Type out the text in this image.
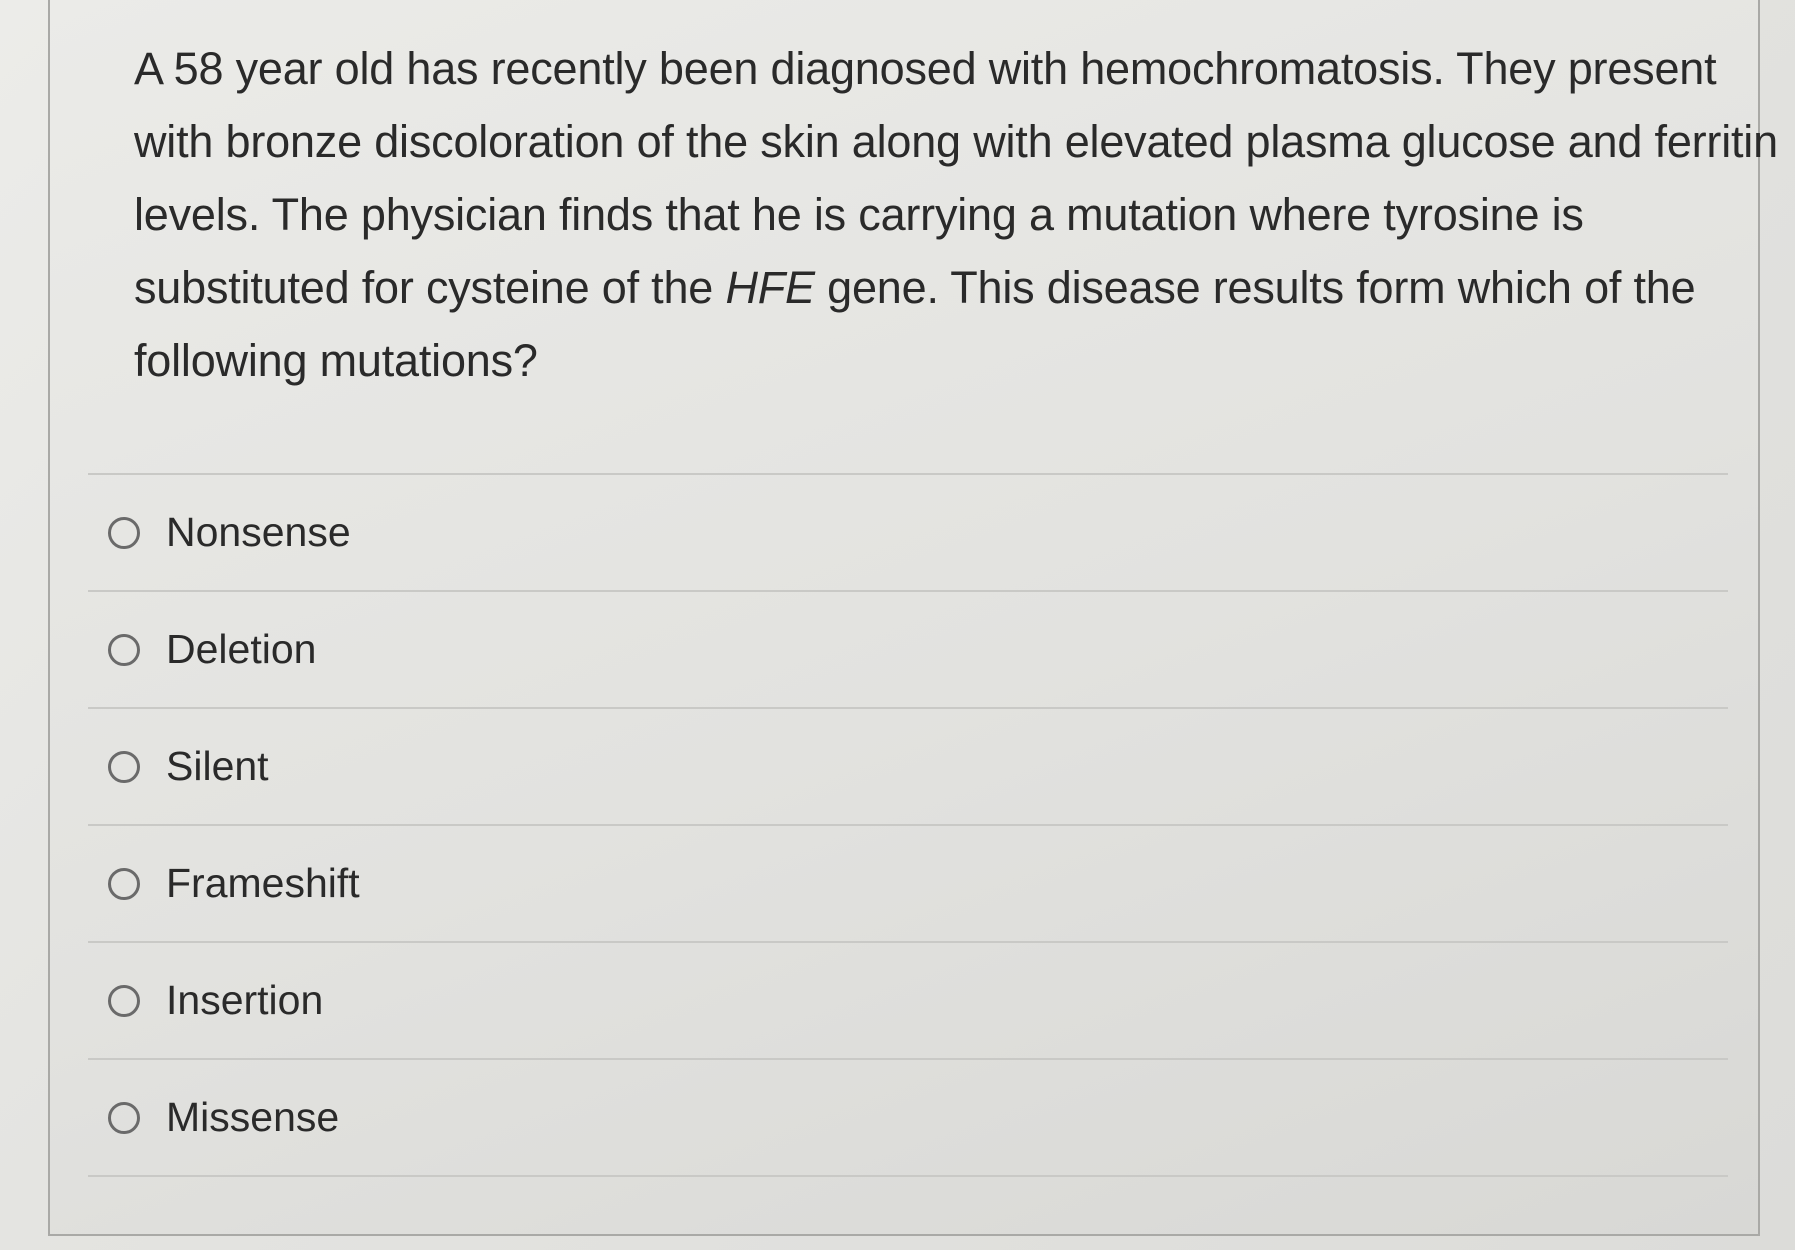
A 58 year old has recently been diagnosed with hemochromatosis. They present with bronze discoloration of the skin along with elevated plasma glucose and ferritin levels. The physician finds that he is carrying a mutation where tyrosine is substituted for cysteine of the HFE gene. This disease results form which of the following mutations?

Nonsense
Deletion
Silent
Frameshift
Insertion
Missense
